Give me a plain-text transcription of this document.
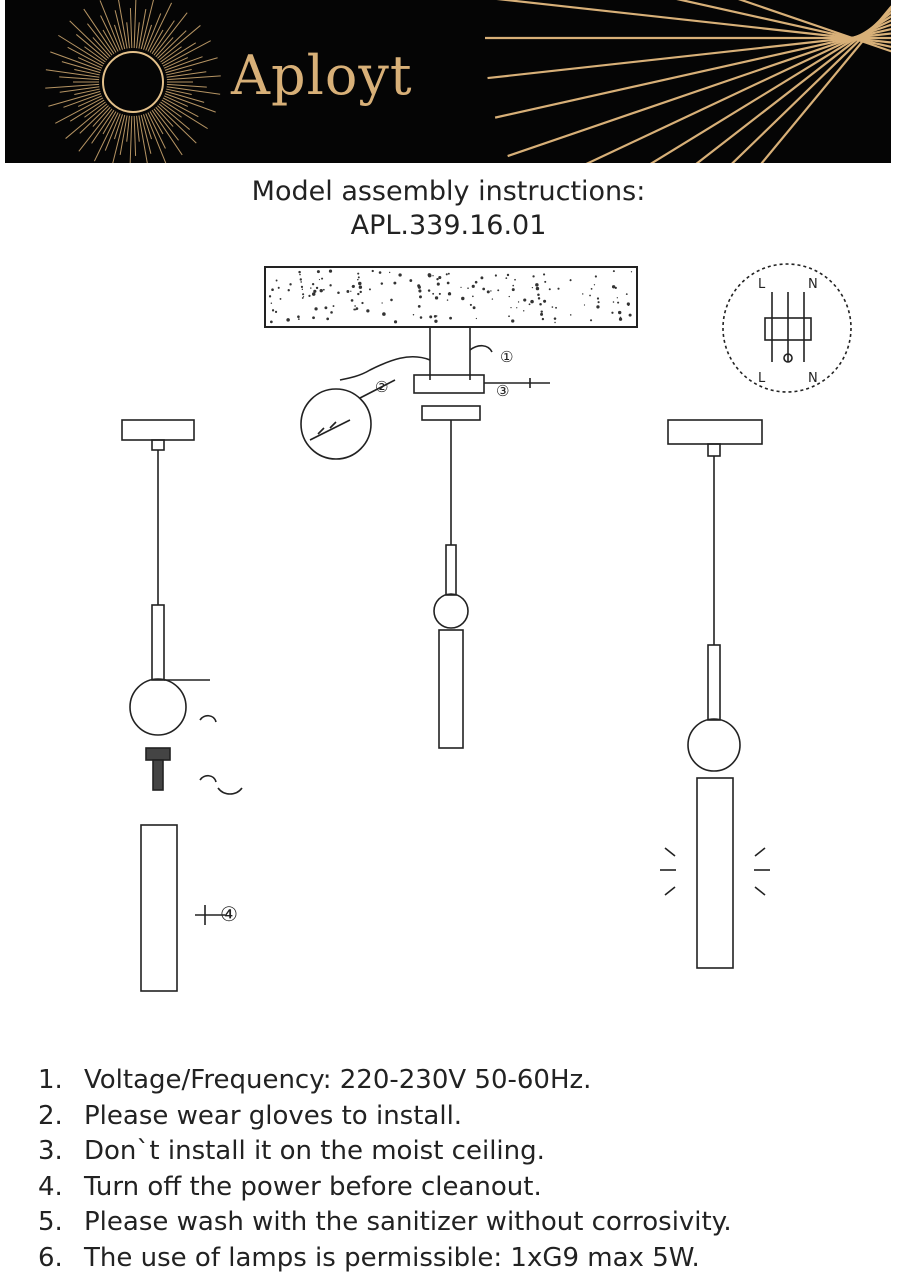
Aployt
Model assembly instructions:
APL.339.16.01
①
③
②
④
L	N
L	N
1. Voltage/Frequency: 220-230V 50-60Hz.
2. Please wear gloves to install.
3. Don`t install it on the moist ceiling.
4. Turn off the power before cleanout.
5. Please wash with the sanitizer without corrosivity.
6. The use of lamps is permissible: 1xG9 max 5W.
